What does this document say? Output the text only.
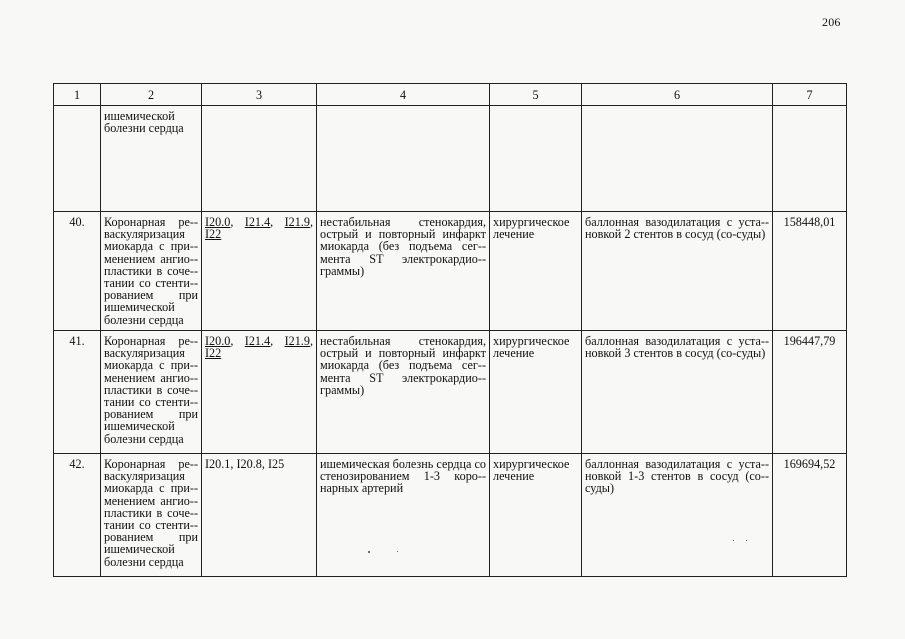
206
1	2	3	4	5	6	7
	ишемической болезни сердца					
40.	Коронарная ре-васкуляризация миокарда с при-менением ангио-пластики в соче-тании со стенти-рованием при ишемической болезни сердца	I20.0, I21.4, I21.9, I22	нестабильная стенокардия, острый и повторный инфаркт миокарда (без подъема сег-мента ST электрокардио-граммы)	хирургическое лечение	баллонная вазодилатация с уста-новкой 2 стентов в сосуд (со-суды)	158448,01
41.	Коронарная ре-васкуляризация миокарда с при-менением ангио-пластики в соче-тании со стенти-рованием при ишемической болезни сердца	I20.0, I21.4, I21.9, I22	нестабильная стенокардия, острый и повторный инфаркт миокарда (без подъема сег-мента ST электрокардио-граммы)	хирургическое лечение	баллонная вазодилатация с уста-новкой 3 стентов в сосуд (со-суды)	196447,79
42.	Коронарная ре-васкуляризация миокарда с при-менением ангио-пластики в соче-тании со стенти-рованием при ишемической болезни сердца	I20.1, I20.8, I25	ишемическая болезнь сердца со стенозированием 1-3 коро-нарных артерий	хирургическое лечение	баллонная вазодилатация с уста-новкой 1-3 стентов в сосуд (со-суды)	169694,52
